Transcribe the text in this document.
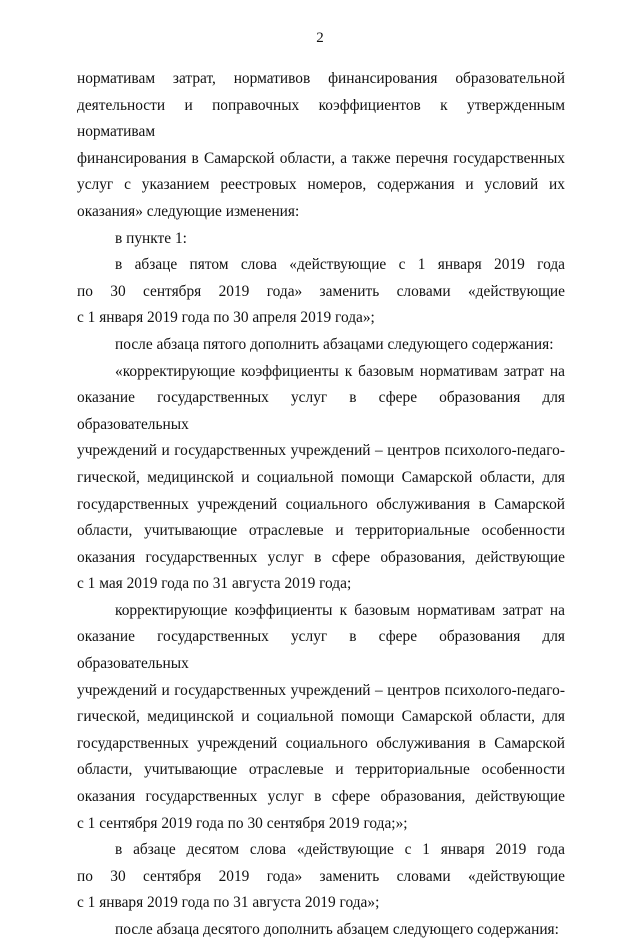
2
нормативам затрат, нормативов финансирования образовательной
деятельности и поправочных коэффициентов к утвержденным нормативам
финансирования в Самарской области, а также перечня государственных
услуг с указанием реестровых номеров, содержания и условий их
оказания» следующие изменения:
в пункте 1:
в абзаце пятом слова «действующие с 1 января 2019 года
по 30 сентября 2019 года» заменить словами «действующие
с 1 января 2019 года по 30 апреля 2019 года»;
после абзаца пятого дополнить абзацами следующего содержания:
«корректирующие коэффициенты к базовым нормативам затрат на
оказание государственных услуг в сфере образования для образовательных
учреждений и государственных учреждений – центров психолого-педаго-
гической, медицинской и социальной помощи Самарской области, для
государственных учреждений социального обслуживания в Самарской
области, учитывающие отраслевые и территориальные особенности
оказания государственных услуг в сфере образования, действующие
с 1 мая 2019 года по 31 августа 2019 года;
корректирующие коэффициенты к базовым нормативам затрат на
оказание государственных услуг в сфере образования для образовательных
учреждений и государственных учреждений – центров психолого-педаго-
гической, медицинской и социальной помощи Самарской области, для
государственных учреждений социального обслуживания в Самарской
области, учитывающие отраслевые и территориальные особенности
оказания государственных услуг в сфере образования, действующие
с 1 сентября 2019 года по 30 сентября 2019 года;»;
в абзаце десятом слова «действующие с 1 января 2019 года
по 30 сентября 2019 года» заменить словами «действующие
с 1 января 2019 года по 31 августа 2019 года»;
после абзаца десятого дополнить абзацем следующего содержания:
